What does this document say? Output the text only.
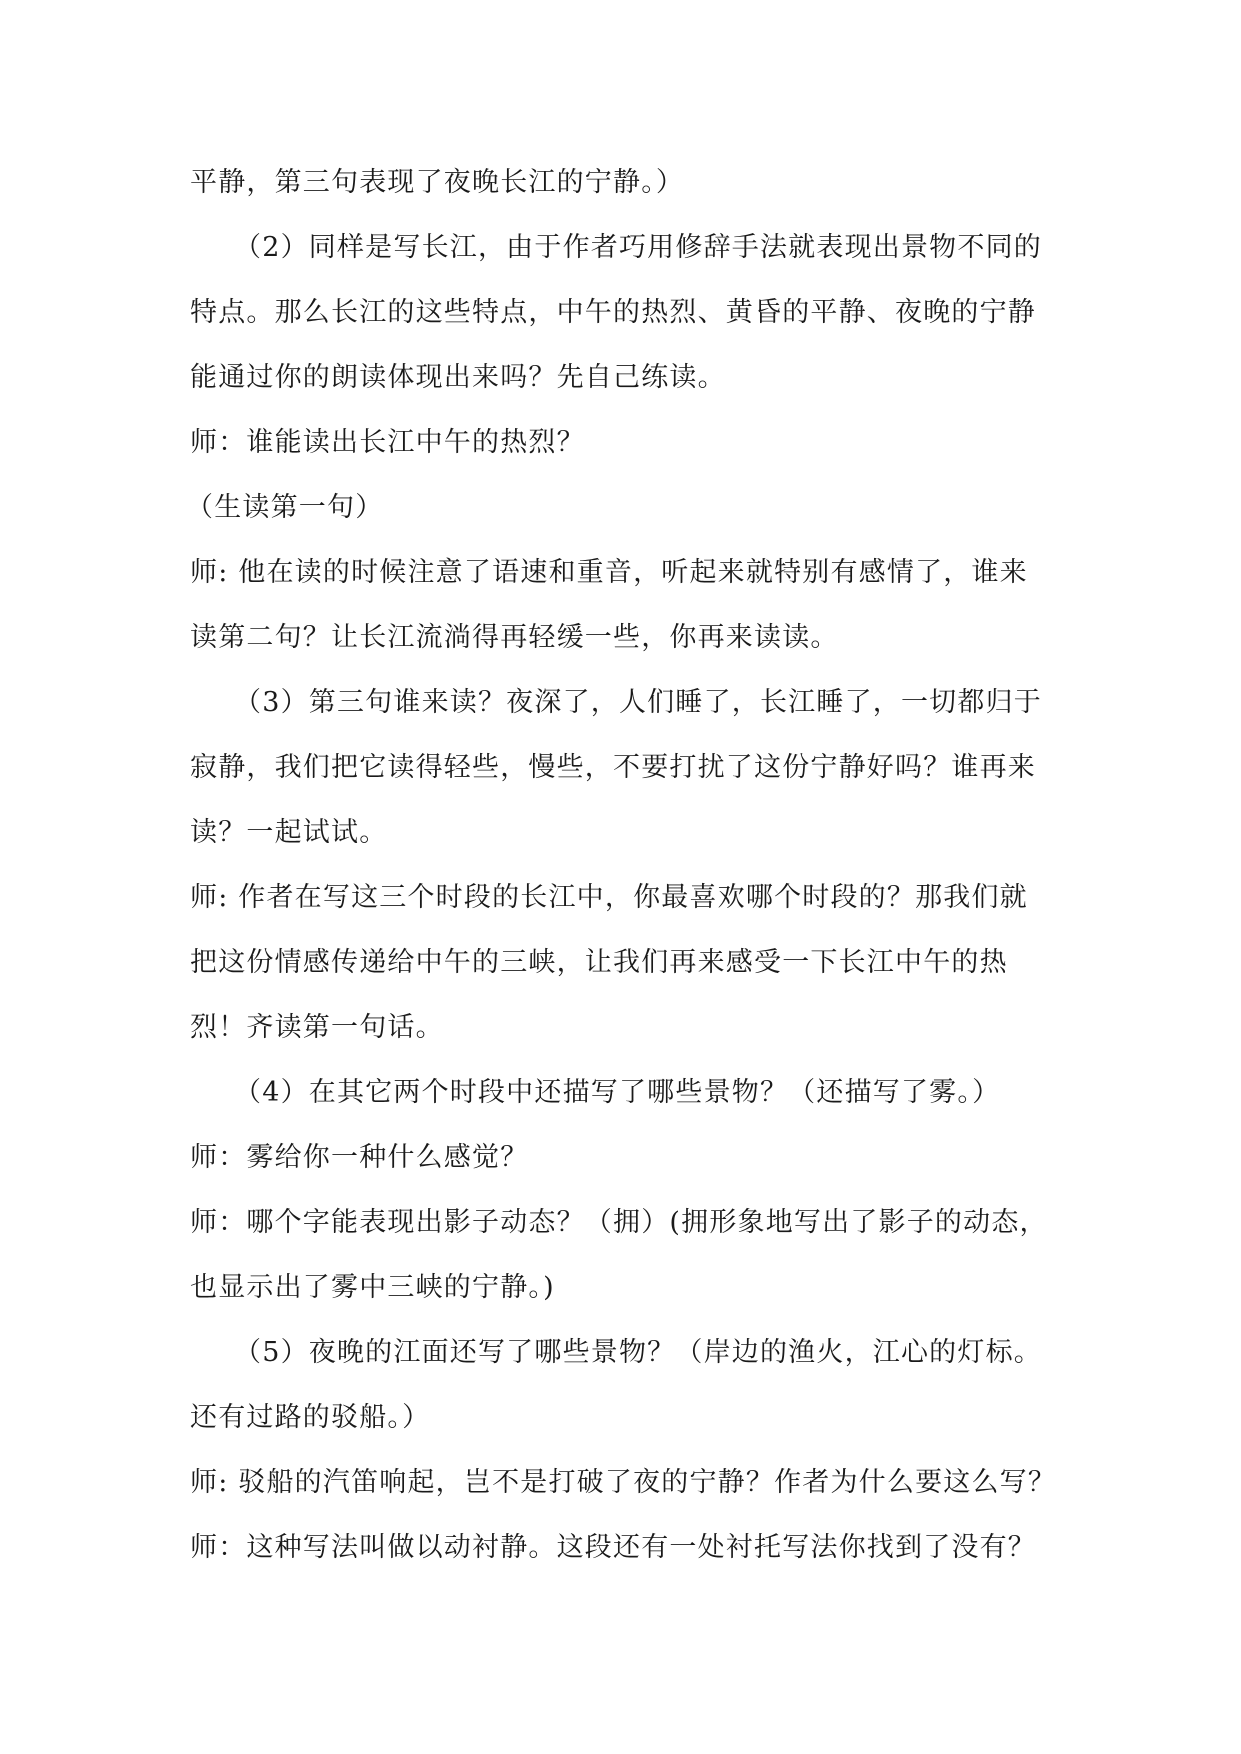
平静，第三句表现了夜晚长江的宁静。）
（2）同样是写长江，由于作者巧用修辞手法就表现出景物不同的
特点。那么长江的这些特点，中午的热烈、黄昏的平静、夜晚的宁静
能通过你的朗读体现出来吗？先自己练读。
师：谁能读出长江中午的热烈？
（生读第一句）
师: 他在读的时候注意了语速和重音，听起来就特别有感情了，谁来
读第二句？让长江流淌得再轻缓一些，你再来读读。
（3）第三句谁来读？夜深了，人们睡了，长江睡了，一切都归于
寂静，我们把它读得轻些，慢些，不要打扰了这份宁静好吗？谁再来
读？一起试试。
师: 作者在写这三个时段的长江中，你最喜欢哪个时段的？那我们就
把这份情感传递给中午的三峡，让我们再来感受一下长江中午的热
烈！齐读第一句话。
（4）在其它两个时段中还描写了哪些景物？（还描写了雾。）
师：雾给你一种什么感觉？
师：哪个字能表现出影子动态？（拥）(拥形象地写出了影子的动态，
也显示出了雾中三峡的宁静。)
（5）夜晚的江面还写了哪些景物？（岸边的渔火，江心的灯标。
还有过路的驳船。）
师: 驳船的汽笛响起，岂不是打破了夜的宁静？作者为什么要这么写？
师：这种写法叫做以动衬静。这段还有一处衬托写法你找到了没有？
